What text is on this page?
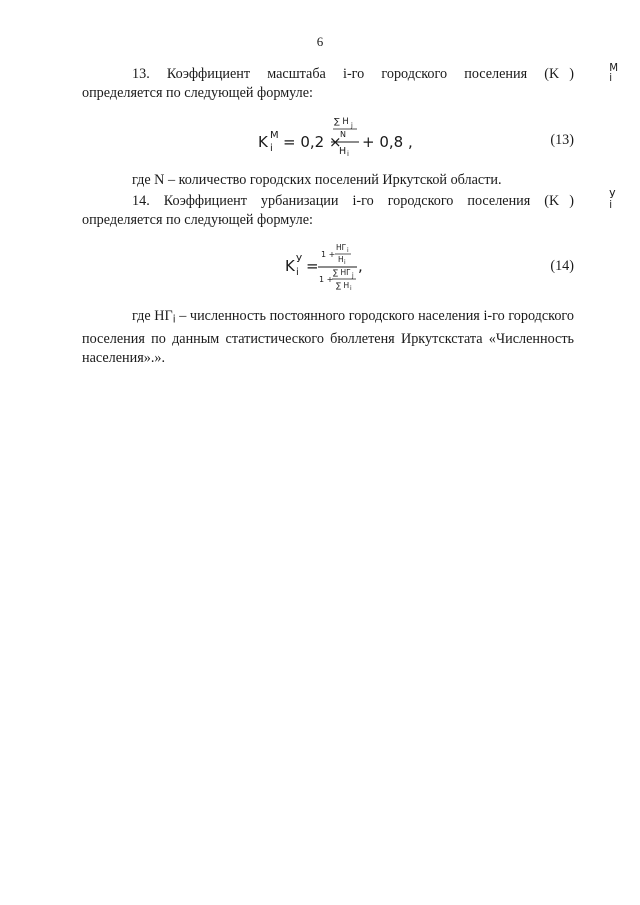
6

13. Коэффициент масштаба i-го городского поселения (K	М
i
) определяется по следующей формуле:

K М
i = 0,2 ×
∑ Н j
N
Н i
+ 0,8 ,	(13)

где N – количество городских поселений Иркутской области.

14. Коэффициент урбанизации i-го городского поселения (K	У
i
) определяется по следующей формуле:

K У
i =
1 +
НГ i
Н i
1 +
∑ НГ j
∑ Н i
,	(14)

где НГi – численность постоянного городского населения i-го городского поселения по данным статистического бюллетеня Иркутскстата «Численность населения».».
